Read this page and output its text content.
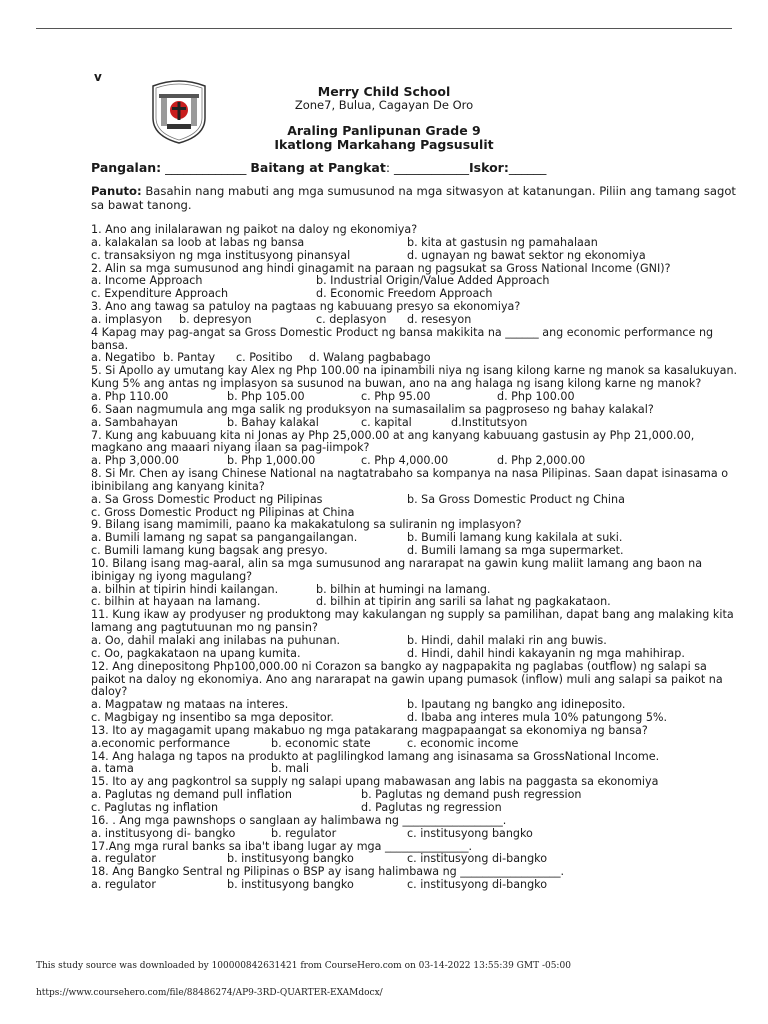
v
Merry Child School
Zone7, Bulua, Cagayan De Oro
Araling Panlipunan Grade 9
Ikatlong Markahang Pagsusulit
Pangalan: _____________ Baitang at Pangkat: ____________Iskor:______
Panuto: Basahin nang mabuti ang mga sumusunod na mga sitwasyon at katanungan. Piliin ang tamang sagot sa bawat tanong.
1. Ano ang inilalarawan ng paikot na daloy ng ekonomiya?
a. kalakalan sa loob at labas ng bansa	b. kita at gastusin ng pamahalaan
c. transaksiyon ng mga institusyong pinansyal	d. ugnayan ng bawat sektor ng ekonomiya
2. Alin sa mga sumusunod ang hindi ginagamit na paraan ng pagsukat sa Gross National Income (GNI)?
a. Income Approach	b. Industrial Origin/Value Added Approach
c. Expenditure Approach	d. Economic Freedom Approach
3. Ano ang tawag sa patuloy na pagtaas ng kabuuang presyo sa ekonomiya?
a. implasyon b. depresyon	c. deplasyon d. resesyon
4 Kapag may pag-angat sa Gross Domestic Product ng bansa makikita na ______ ang economic performance ng bansa.
a. Negatibo b. Pantay c. Positibo d. Walang pagbabago
5. Si Apollo ay umutang kay Alex ng Php 100.00 na ipinambili niya ng isang kilong karne ng manok sa kasalukuyan. Kung 5% ang antas ng implasyon sa susunod na buwan, ano na ang halaga ng isang kilong karne ng manok?
a. Php 110.00	b. Php 105.00	c. Php 95.00	d. Php 100.00
6. Saan nagmumula ang mga salik ng produksyon na sumasailalim sa pagproseso ng bahay kalakal?
a. Sambahayan	b. Bahay kalakal	c. kapital	d.Institutsyon
7. Kung ang kabuuang kita ni Jonas ay Php 25,000.00 at ang kanyang kabuuang gastusin ay Php 21,000.00, magkano ang maaari niyang ilaan sa pag-iimpok?
a. Php 3,000.00	b. Php 1,000.00	c. Php 4,000.00	d. Php 2,000.00
8. Si Mr. Chen ay isang Chinese National na nagtatrabaho sa kompanya na nasa Pilipinas. Saan dapat isinasama o ibinibilang ang kanyang kinita?
a. Sa Gross Domestic Product ng Pilipinas	b. Sa Gross Domestic Product ng China
c. Gross Domestic Product ng Pilipinas at China
9. Bilang isang mamimili, paano ka makakatulong sa suliranin ng implasyon?
a. Bumili lamang ng sapat sa pangangailangan.	b. Bumili lamang kung kakilala at suki.
c. Bumili lamang kung bagsak ang presyo.	d. Bumili lamang sa mga supermarket.
10. Bilang isang mag-aaral, alin sa mga sumusunod ang nararapat na gawin kung maliit lamang ang baon na ibinigay ng iyong magulang?
a. bilhin at tipirin hindi kailangan.	b. bilhin at humingi na lamang.
c. bilhin at hayaan na lamang.	d. bilhin at tipirin ang sarili sa lahat ng pagkakataon.
11. Kung ikaw ay prodyuser ng produktong may kakulangan ng supply sa pamilihan, dapat bang ang malaking kita lamang ang pagtutuunan mo ng pansin?
a. Oo, dahil malaki ang inilabas na puhunan.	b. Hindi, dahil malaki rin ang buwis.
c. Oo, pagkakataon na upang kumita.	d. Hindi, dahil hindi kakayanin ng mga mahihirap.
12. Ang dinepositong Php100,000.00 ni Corazon sa bangko ay nagpapakita ng paglabas (outflow) ng salapi sa paikot na daloy ng ekonomiya. Ano ang nararapat na gawin upang pumasok (inflow) muli ang salapi sa paikot na daloy?
a. Magpataw ng mataas na interes.	b. Ipautang ng bangko ang idineposito.
c. Magbigay ng insentibo sa mga depositor.	d. Ibaba ang interes mula 10% patungong 5%.
13. Ito ay magagamit upang makabuo ng mga patakarang magpapaangat sa ekonomiya ng bansa?
a.economic performance	b. economic state	c. economic income
14. Ang halaga ng tapos na produkto at paglilingkod lamang ang isinasama sa GrossNational Income.
a. tama	b. mali
15. Ito ay ang pagkontrol sa supply ng salapi upang mabawasan ang labis na paggasta sa ekonomiya
a. Paglutas ng demand pull inflation	b. Paglutas ng demand push regression
c. Paglutas ng inflation	d. Paglutas ng regression
16. . Ang mga pawnshops o sanglaan ay halimbawa ng __________________.
a. institusyong di- bangko	b. regulator	c. institusyong bangko
17.Ang mga rural banks sa iba't ibang lugar ay mga _______________.
a. regulator	b. institusyong bangko	c. institusyong di-bangko
18. Ang Bangko Sentral ng Pilipinas o BSP ay isang halimbawa ng __________________.
a. regulator	b. institusyong bangko	c. institusyong di-bangko
This study source was downloaded by 100000842631421 from CourseHero.com on 03-14-2022 13:55:39 GMT -05:00
https://www.coursehero.com/file/88486274/AP9-3RD-QUARTER-EXAMdocx/
